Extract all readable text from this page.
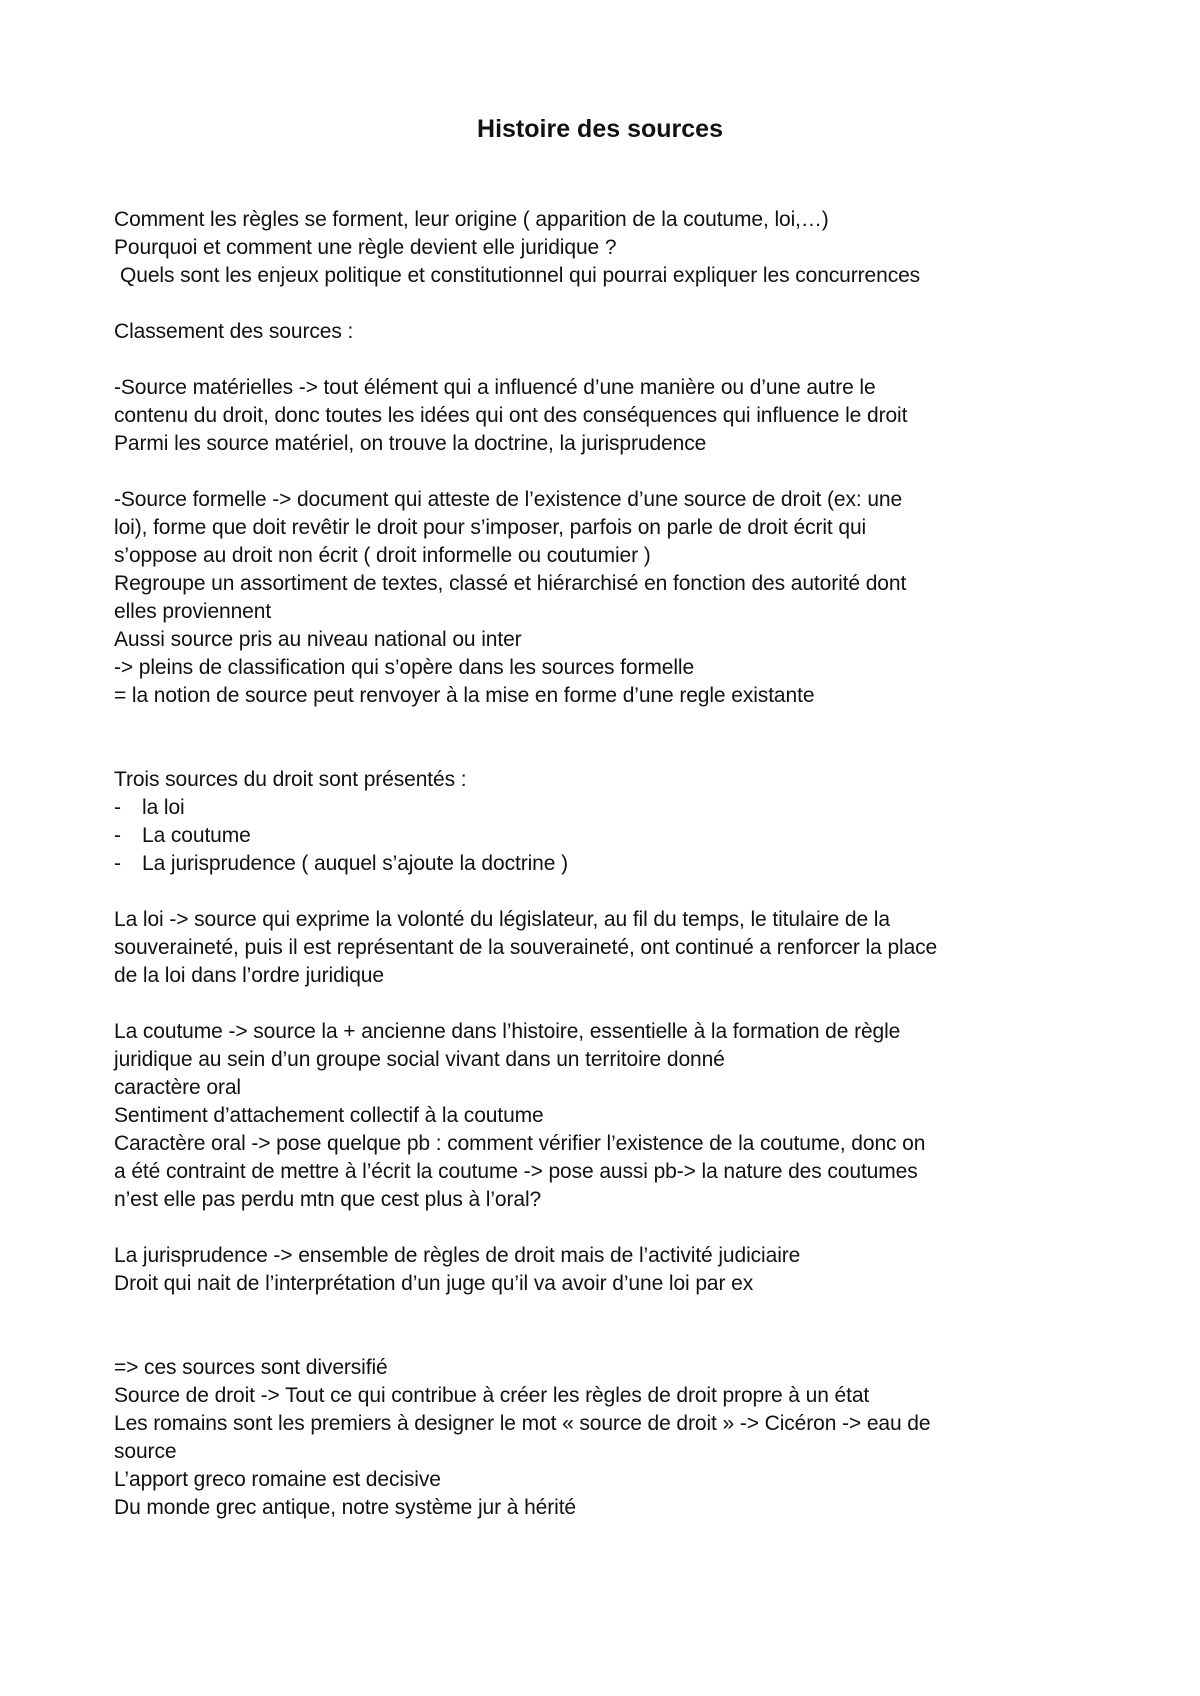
Histoire des sources

Comment les règles se forment, leur origine ( apparition de la coutume, loi,…)

Pourquoi et comment une règle devient elle juridique ?

Quels sont les enjeux politique et constitutionnel qui pourrai expliquer les concurrences

Classement des sources :

-Source matérielles -> tout élément qui a influencé d’une manière ou d’une autre le

contenu du droit, donc toutes les idées qui ont des conséquences qui influence le droit

Parmi les source matériel, on trouve la doctrine, la jurisprudence

-Source formelle -> document qui atteste de l’existence d’une source de droit (ex: une

loi), forme que doit revêtir le droit pour s’imposer, parfois on parle de droit écrit qui

s’oppose au droit non écrit ( droit informelle ou coutumier )

Regroupe un assortiment de textes, classé et hiérarchisé en fonction des autorité dont

elles proviennent

Aussi source pris au niveau national ou inter

-> pleins de classification qui s’opère dans les sources formelle

= la notion de source peut renvoyer à la mise en forme d’une regle existante

Trois sources du droit sont présentés :

- la loi
- La coutume
- La jurisprudence ( auquel s’ajoute la doctrine )

La loi -> source qui exprime la volonté du législateur, au fil du temps, le titulaire de la

souveraineté, puis il est représentant de la souveraineté, ont continué a renforcer la place

de la loi dans l’ordre juridique

La coutume -> source la + ancienne dans l’histoire, essentielle à la formation de règle

juridique au sein d’un groupe social vivant dans un territoire donné

caractère oral

Sentiment d’attachement collectif à la coutume

Caractère oral -> pose quelque pb : comment vérifier l’existence de la coutume, donc on

a été contraint de mettre à l’écrit la coutume -> pose aussi pb-> la nature des coutumes

n’est elle pas perdu mtn que cest plus à l’oral?

La jurisprudence -> ensemble de règles de droit mais de l’activité judiciaire

Droit qui nait de l’interprétation d’un juge qu’il va avoir d’une loi par ex

=> ces sources sont diversifié

Source de droit -> Tout ce qui contribue à créer les règles de droit propre à un état

Les romains sont les premiers à designer le mot « source de droit » -> Cicéron -> eau de

source

L’apport greco romaine est decisive

Du monde grec antique, notre système jur à hérité
